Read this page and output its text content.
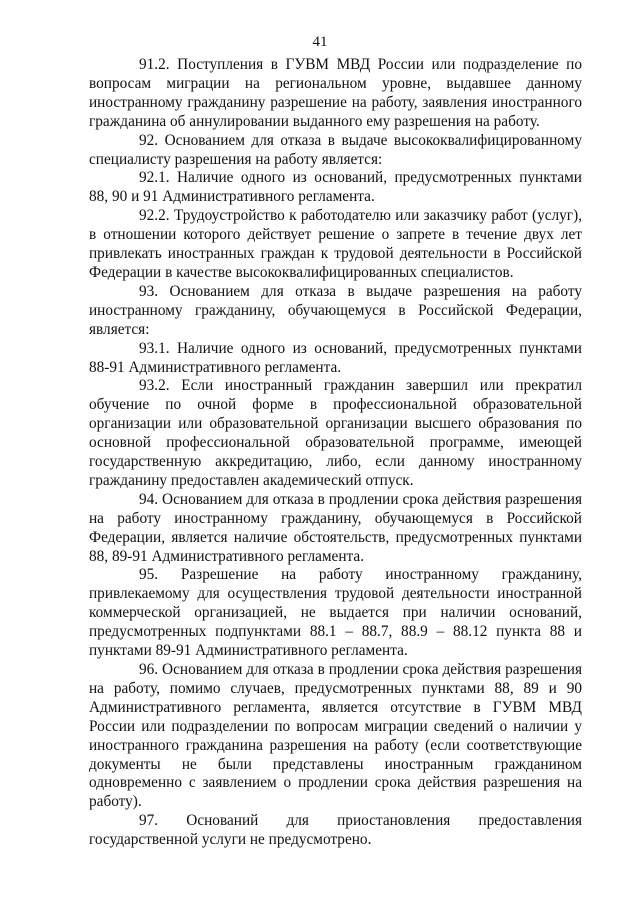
41

91.2. Поступления в ГУВМ МВД России или подразделение по вопросам миграции на региональном уровне, выдавшее данному иностранному гражданину разрешение на работу, заявления иностранного гражданина об аннулировании выданного ему разрешения на работу.

92. Основанием для отказа в выдаче высококвалифицированному специалисту разрешения на работу является:

92.1. Наличие одного из оснований, предусмотренных пунктами 88, 90 и 91 Административного регламента.

92.2. Трудоустройство к работодателю или заказчику работ (услуг), в отношении которого действует решение о запрете в течение двух лет привлекать иностранных граждан к трудовой деятельности в Российской Федерации в качестве высококвалифицированных специалистов.

93. Основанием для отказа в выдаче разрешения на работу иностранному гражданину, обучающемуся в Российской Федерации, является:

93.1. Наличие одного из оснований, предусмотренных пунктами 88-91 Административного регламента.

93.2. Если иностранный гражданин завершил или прекратил обучение по очной форме в профессиональной образовательной организации или образовательной организации высшего образования по основной профессиональной образовательной программе, имеющей государственную аккредитацию, либо, если данному иностранному гражданину предоставлен академический отпуск.

94. Основанием для отказа в продлении срока действия разрешения на работу иностранному гражданину, обучающемуся в Российской Федерации, является наличие обстоятельств, предусмотренных пунктами 88, 89-91 Административного регламента.

95. Разрешение на работу иностранному гражданину, привлекаемому для осуществления трудовой деятельности иностранной коммерческой организацией, не выдается при наличии оснований, предусмотренных подпунктами 88.1 – 88.7, 88.9 – 88.12 пункта 88 и пунктами 89-91 Административного регламента.

96. Основанием для отказа в продлении срока действия разрешения на работу, помимо случаев, предусмотренных пунктами 88, 89 и 90 Административного регламента, является отсутствие в ГУВМ МВД России или подразделении по вопросам миграции сведений о наличии у иностранного гражданина разрешения на работу (если соответствующие документы не были представлены иностранным гражданином одновременно с заявлением о продлении срока действия разрешения на работу).

97. Оснований для приостановления предоставления государственной услуги не предусмотрено.
